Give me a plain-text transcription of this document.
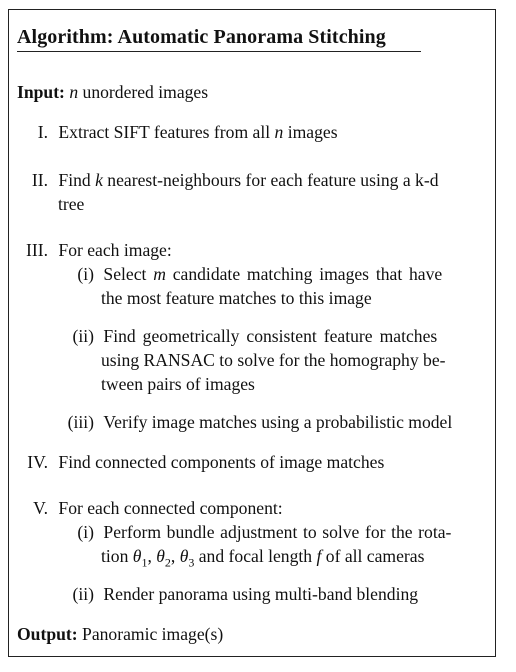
Algorithm: Automatic Panorama Stitching
Input: n unordered images
I. Extract SIFT features from all n images
II. Find k nearest-neighbours for each feature using a k-d
tree
III. For each image:
(i) Select m candidate matching images that have
the most feature matches to this image
(ii) Find geometrically consistent feature matches
using RANSAC to solve for the homography be-
tween pairs of images
(iii) Verify image matches using a probabilistic model
IV. Find connected components of image matches
V. For each connected component:
(i) Perform bundle adjustment to solve for the rota-
tion $\theta_1$, $\theta_2$, $\theta_3$ and focal length f of all cameras
(ii) Render panorama using multi-band blending
Output: Panoramic image(s)
